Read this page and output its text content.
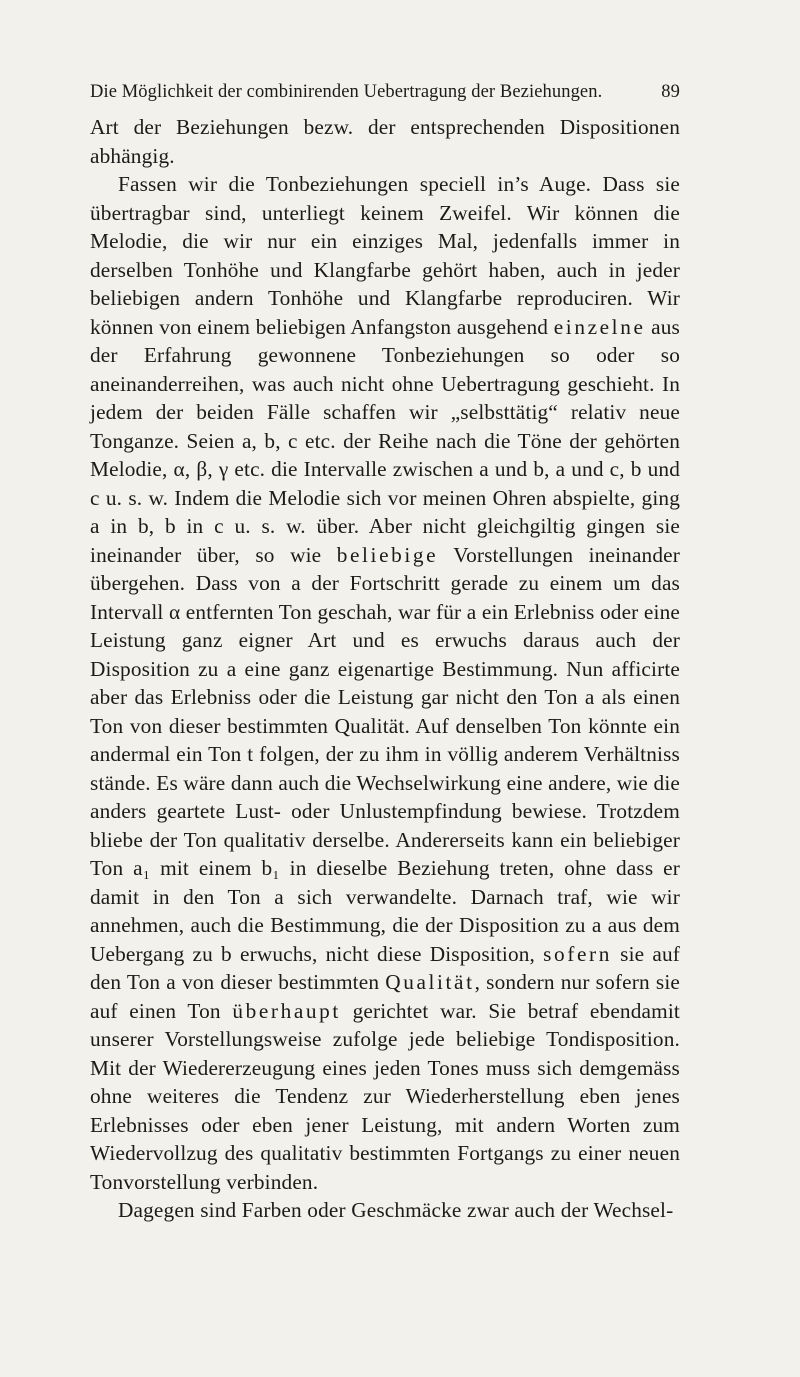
Die Möglichkeit der combinirenden Uebertragung der Beziehungen.	89

Art der Beziehungen bezw. der entsprechenden Dispositionen abhängig.

Fassen wir die Tonbeziehungen speciell in’s Auge. Dass sie übertragbar sind, unterliegt keinem Zweifel. Wir können die Melodie, die wir nur ein einziges Mal, jedenfalls immer in derselben Tonhöhe und Klangfarbe gehört haben, auch in jeder beliebigen andern Tonhöhe und Klangfarbe reproduciren. Wir können von einem beliebigen Anfangston ausgehend einzelne aus der Erfahrung gewonnene Tonbeziehungen so oder so aneinanderreihen, was auch nicht ohne Uebertragung geschieht. In jedem der beiden Fälle schaffen wir „selbsttätig“ relativ neue Tonganze. Seien a, b, c etc. der Reihe nach die Töne der gehörten Melodie, α, β, γ etc. die Intervalle zwischen a und b, a und c, b und c u. s. w. Indem die Melodie sich vor meinen Ohren abspielte, ging a in b, b in c u. s. w. über. Aber nicht gleichgiltig gingen sie ineinander über, so wie beliebige Vorstellungen ineinander übergehen. Dass von a der Fortschritt gerade zu einem um das Intervall α entfernten Ton geschah, war für a ein Erlebniss oder eine Leistung ganz eigner Art und es erwuchs daraus auch der Disposition zu a eine ganz eigenartige Bestimmung. Nun afficirte aber das Erlebniss oder die Leistung gar nicht den Ton a als einen Ton von dieser bestimmten Qualität. Auf denselben Ton könnte ein andermal ein Ton t folgen, der zu ihm in völlig anderem Verhältniss stände. Es wäre dann auch die Wechselwirkung eine andere, wie die anders geartete Lust- oder Unlustempfindung bewiese. Trotzdem bliebe der Ton qualitativ derselbe. Andererseits kann ein beliebiger Ton a₁ mit einem b₁ in dieselbe Beziehung treten, ohne dass er damit in den Ton a sich verwandelte. Darnach traf, wie wir annehmen, auch die Bestimmung, die der Disposition zu a aus dem Uebergang zu b erwuchs, nicht diese Disposition, sofern sie auf den Ton a von dieser bestimmten Qualität, sondern nur sofern sie auf einen Ton überhaupt gerichtet war. Sie betraf ebendamit unserer Vorstellungsweise zufolge jede beliebige Tondisposition. Mit der Wiedererzeugung eines jeden Tones muss sich demgemäss ohne weiteres die Tendenz zur Wiederherstellung eben jenes Erlebnisses oder eben jener Leistung, mit andern Worten zum Wiedervollzug des qualitativ bestimmten Fortgangs zu einer neuen Tonvorstellung verbinden.

Dagegen sind Farben oder Geschmäcke zwar auch der Wechsel-
